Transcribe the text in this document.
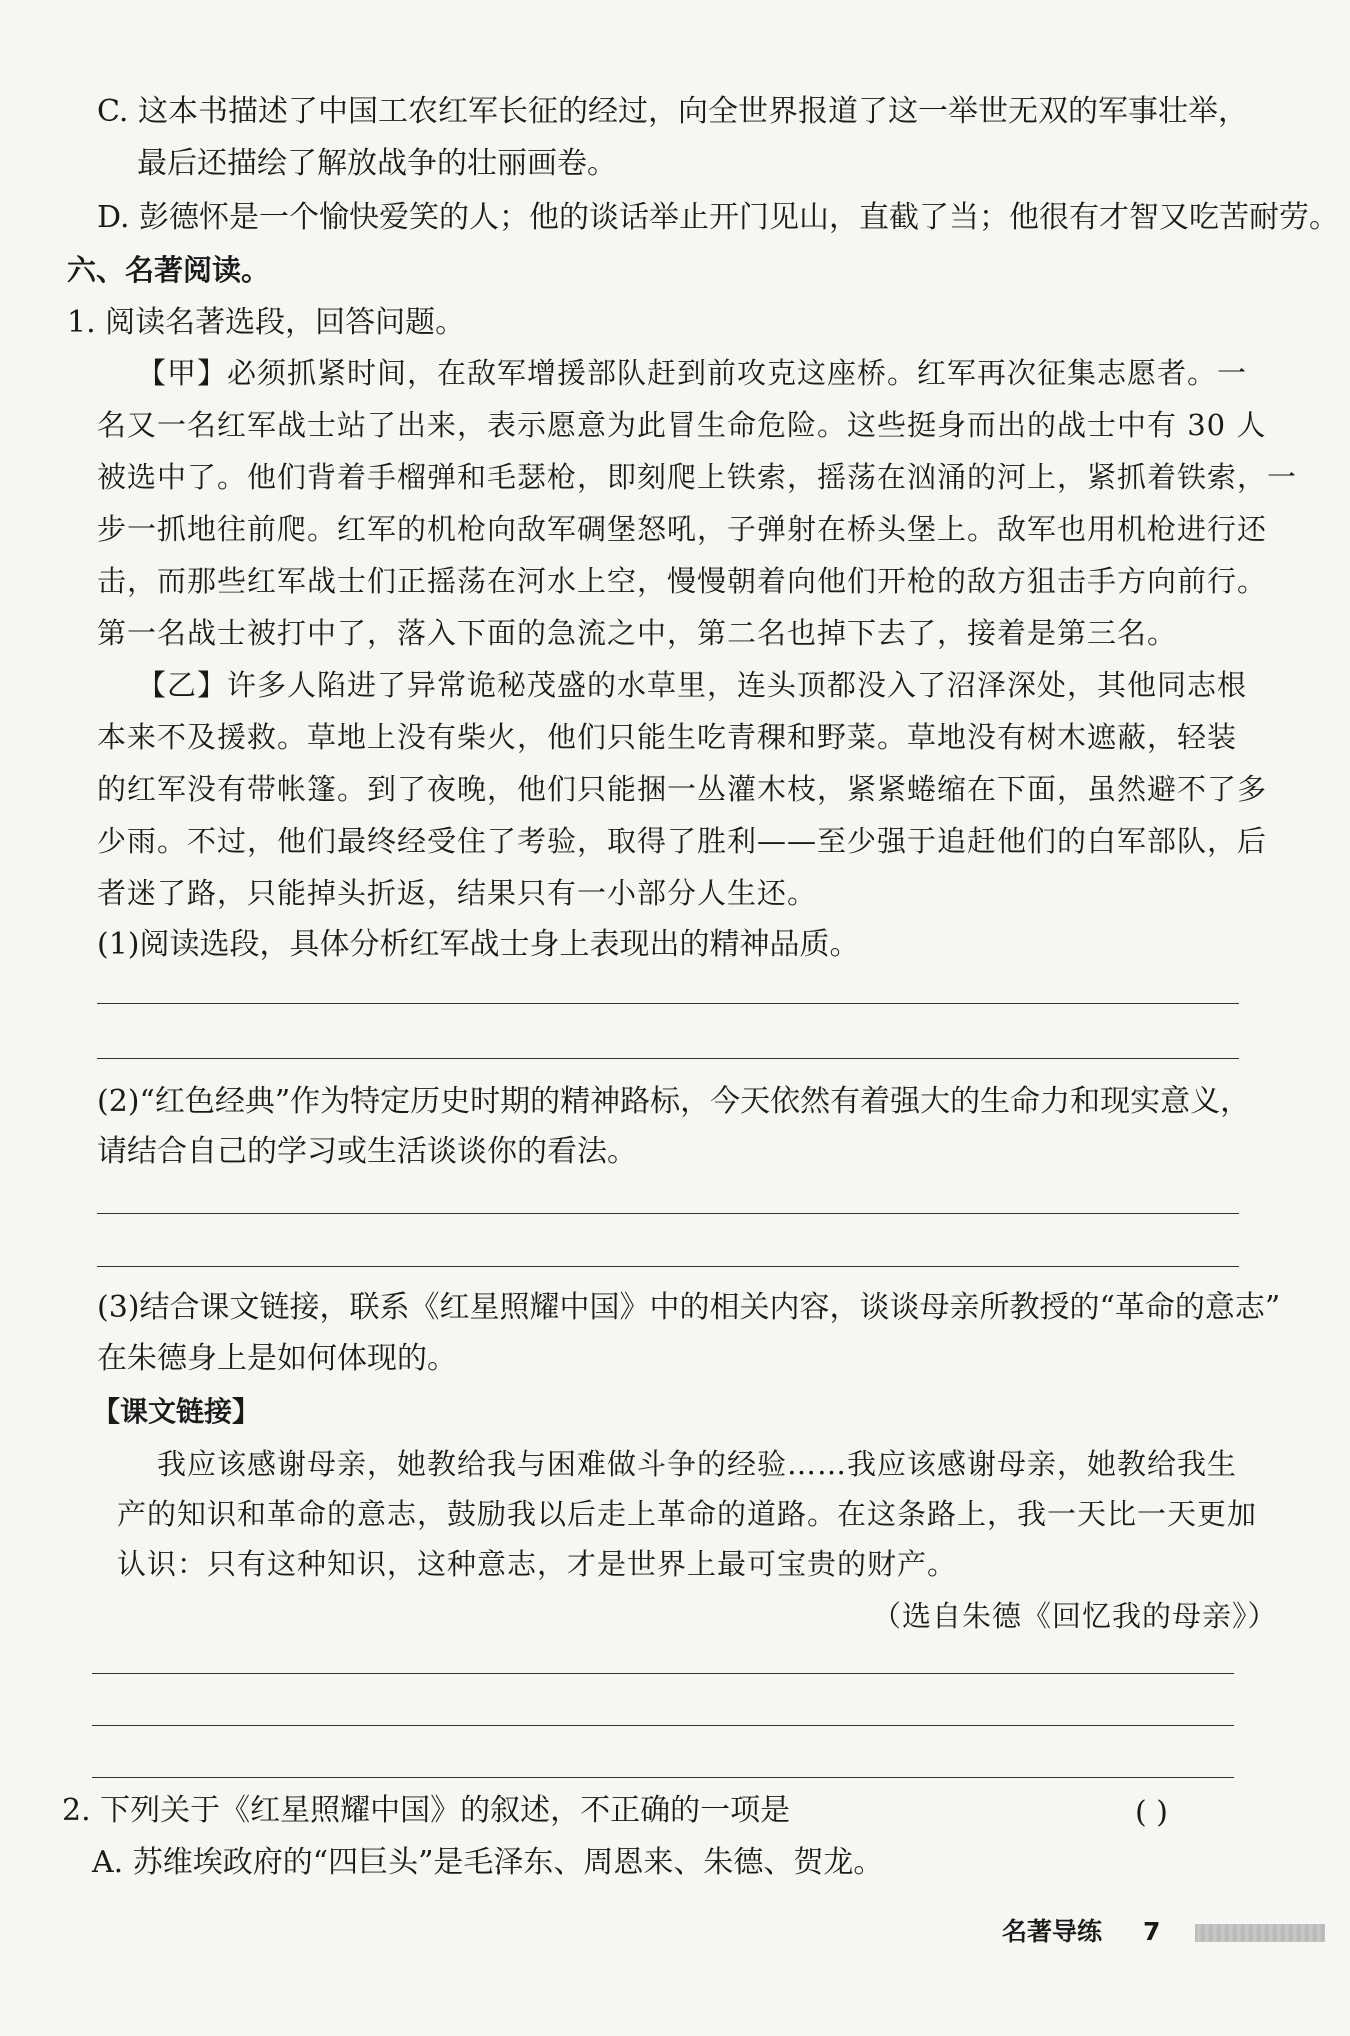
C. 这本书描述了中国工农红军长征的经过，向全世界报道了这一举世无双的军事壮举，
最后还描绘了解放战争的壮丽画卷。
D. 彭德怀是一个愉快爱笑的人；他的谈话举止开门见山，直截了当；他很有才智又吃苦耐劳。
六、名著阅读。
1. 阅读名著选段，回答问题。
【甲】必须抓紧时间，在敌军增援部队赶到前攻克这座桥。红军再次征集志愿者。一
名又一名红军战士站了出来，表示愿意为此冒生命危险。这些挺身而出的战士中有 30 人
被选中了。他们背着手榴弹和毛瑟枪，即刻爬上铁索，摇荡在汹涌的河上，紧抓着铁索，一
步一抓地往前爬。红军的机枪向敌军碉堡怒吼，子弹射在桥头堡上。敌军也用机枪进行还
击，而那些红军战士们正摇荡在河水上空，慢慢朝着向他们开枪的敌方狙击手方向前行。
第一名战士被打中了，落入下面的急流之中，第二名也掉下去了，接着是第三名。
【乙】许多人陷进了异常诡秘茂盛的水草里，连头顶都没入了沼泽深处，其他同志根
本来不及援救。草地上没有柴火，他们只能生吃青稞和野菜。草地没有树木遮蔽，轻装
的红军没有带帐篷。到了夜晚，他们只能捆一丛灌木枝，紧紧蜷缩在下面，虽然避不了多
少雨。不过，他们最终经受住了考验，取得了胜利——至少强于追赶他们的白军部队，后
者迷了路，只能掉头折返，结果只有一小部分人生还。
(1)阅读选段，具体分析红军战士身上表现出的精神品质。
(2)“红色经典”作为特定历史时期的精神路标，今天依然有着强大的生命力和现实意义，
请结合自己的学习或生活谈谈你的看法。
(3)结合课文链接，联系《红星照耀中国》中的相关内容，谈谈母亲所教授的“革命的意志”
在朱德身上是如何体现的。
【课文链接】
我应该感谢母亲，她教给我与困难做斗争的经验……我应该感谢母亲，她教给我生
产的知识和革命的意志，鼓励我以后走上革命的道路。在这条路上，我一天比一天更加
认识：只有这种知识，这种意志，才是世界上最可宝贵的财产。
（选自朱德《回忆我的母亲》）
2. 下列关于《红星照耀中国》的叙述，不正确的一项是	( )
A. 苏维埃政府的“四巨头”是毛泽东、周恩来、朱德、贺龙。
名著导练 7
